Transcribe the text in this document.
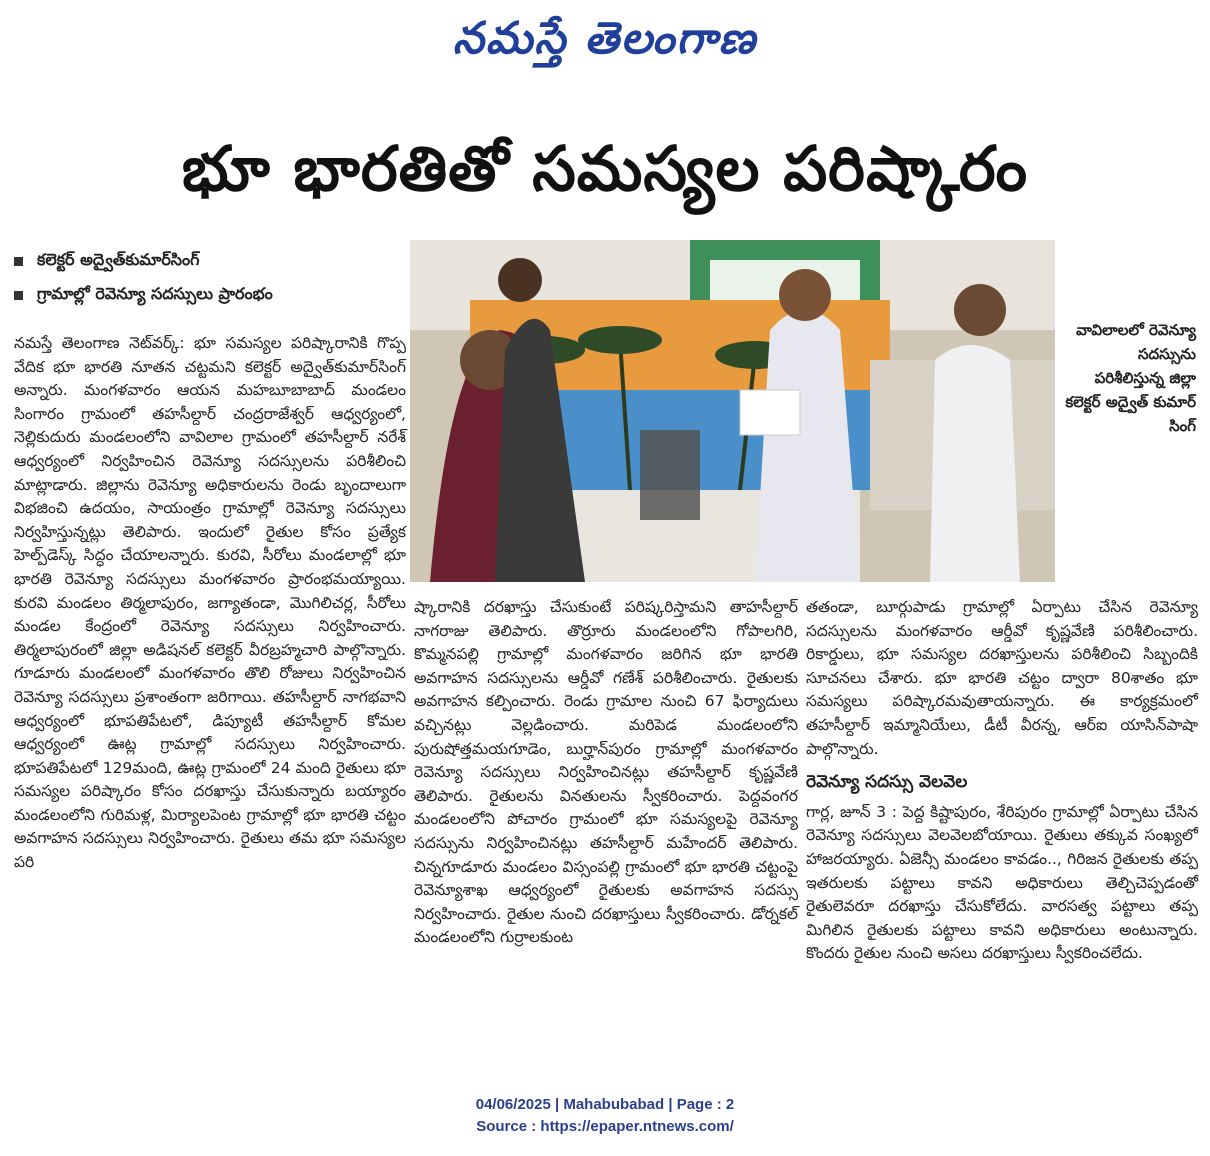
నమస్తే తెలంగాణ
భూ భారతితో సమస్యల పరిష్కారం
కలెక్టర్ అద్వైత్‌కుమార్‌సింగ్
గ్రామాల్లో రెవెన్యూ సదస్సులు ప్రారంభం
నమస్తే తెలంగాణ నెట్‌వర్క్: భూ సమస్యల పరిష్కారానికి గొప్ప వేదిక భూ భారతి నూతన చట్టమని కలెక్టర్ అద్వైత్‌కుమార్‌సింగ్ అన్నారు. మంగళవారం ఆయన మహబూబాబాద్ మండలం సింగారం గ్రామంలో తహసీల్దార్ చంద్రరాజేశ్వర్ ఆధ్వర్యంలో, నెల్లికుదురు మండలంలోని వావిలాల గ్రామంలో తహసీల్దార్ నరేశ్ ఆధ్వర్యంలో నిర్వహించిన రెవెన్యూ సదస్సులను పరిశీలించి మాట్లాడారు. జిల్లాను రెవెన్యూ అధికారులను రెండు బృందాలుగా విభజించి ఉదయం, సాయంత్రం గ్రామాల్లో రెవెన్యూ సదస్సులు నిర్వహిస్తున్నట్లు తెలిపారు. ఇందులో రైతుల కోసం ప్రత్యేక హెల్ప్‌డెస్క్ సిద్ధం చేయాలన్నారు. కురవి, సీరోలు మండలాల్లో భూ భారతి రెవెన్యూ సదస్సులు మంగళవారం ప్రారంభమయ్యాయి. కురవి మండలం తిర్మలాపురం, జగ్యాతండా, మొగిలిచర్ల, సీరోలు మండల కేంద్రంలో రెవెన్యూ సదస్సులు నిర్వహించారు. తిర్మలాపురంలో జిల్లా అడిషనల్ కలెక్టర్ వీరబ్రహ్మచారి పాల్గొన్నారు. గూడూరు మండలంలో మంగళవారం తొలి రోజులు నిర్వహించిన రెవెన్యూ సదస్సులు ప్రశాంతంగా జరిగాయి. తహసీల్దార్ నాగభవాని ఆధ్వర్యంలో భూపతిపేటలో, డిప్యూటీ తహసీల్దార్ కోమల ఆధ్వర్యంలో ఊట్ల గ్రామాల్లో సదస్సులు నిర్వహించారు. భూపతిపేటలో 129మంది, ఊట్ల గ్రామంలో 24 మంది రైతులు భూ సమస్యల పరిష్కారం కోసం దరఖాస్తు చేసుకున్నారు బయ్యారం మండలంలోని గురిమళ్ల, మిర్యాలపెంట గ్రామాల్లో భూ భారతి చట్టం అవగాహన సదస్సులు నిర్వహించారు. రైతులు తమ భూ సమస్యల పరి
వావిలాలలో రెవెన్యూ సదస్సును పరిశీలిస్తున్న జిల్లా కలెక్టర్ అద్వైత్ కుమార్ సింగ్
ష్కారానికి దరఖాస్తు చేసుకుంటే పరిష్కరిస్తామని తాహసీల్దార్ నాగరాజు తెలిపారు. తొర్రూరు మండలంలోని గోపాలగిరి, కొమ్మనపల్లి గ్రామాల్లో మంగళవారం జరిగిన భూ భారతి అవగాహన సదస్సులను ఆర్డీవో గణేశ్ పరిశీలించారు. రైతులకు అవగాహన కల్పించారు. రెండు గ్రామాల నుంచి 67 ఫిర్యాదులు వచ్చినట్లు వెల్లడించారు. మరిపెడ మండలంలోని పురుషోత్తమయగూడెం, బుర్హాన్‌పురం గ్రామాల్లో మంగళవారం రెవెన్యూ సదస్సులు నిర్వహించినట్లు తహసీల్దార్ కృష్ణవేణి తెలిపారు. రైతులను వినతులను స్వీకరించారు. పెద్దవంగర మండలంలోని పోచారం గ్రామంలో భూ సమస్యలపై రెవెన్యూ సదస్సును నిర్వహించినట్లు తహసీల్దార్ మహేందర్ తెలిపారు. చిన్నగూడూరు మండలం విస్సంపల్లి గ్రామంలో భూ భారతి చట్టంపై రెవెన్యూశాఖ ఆధ్వర్యంలో రైతులకు అవగాహన సదస్సు నిర్వహించారు. రైతుల నుంచి దరఖాస్తులు స్వీకరించారు. డోర్నకల్ మండలంలోని గుర్రాలకుంట
తతండా, బూర్గుపాడు గ్రామాల్లో ఏర్పాటు చేసిన రెవెన్యూ సదస్సులను మంగళవారం ఆర్డీవో కృష్ణవేణి పరిశీలించారు. రికార్డులు, భూ సమస్యల దరఖాస్తులను పరిశీలించి సిబ్బందికి సూచనలు చేశారు. భూ భారతి చట్టం ద్వారా 80శాతం భూ సమస్యలు పరిష్కారమవుతాయన్నారు. ఈ కార్యక్రమంలో తహసీల్దార్ ఇమ్మానియేలు, డీటీ వీరన్న, ఆర్ఐ యాసిన్‌పాషా పాల్గొన్నారు.
రెవెన్యూ సదస్సు వెలవెల
గార్ల, జూన్ 3 : పెద్ద కిష్టాపురం, శేరిపురం గ్రామాల్లో ఏర్పాటు చేసిన రెవెన్యూ సదస్సులు వెలవెలబోయాయి. రైతులు తక్కువ సంఖ్యలో హాజరయ్యారు. ఏజెన్సీ మండలం కావడం.., గిరిజన రైతులకు తప్ప ఇతరులకు పట్టాలు కావని అధికారులు తెల్చిచెప్పడంతో రైతులెవరూ దరఖాస్తు చేసుకోలేదు. వారసత్వ పట్టాలు తప్ప మిగిలిన రైతులకు పట్టాలు కావని అధికారులు అంటున్నారు. కొందరు రైతుల నుంచి అసలు దరఖాస్తులు స్వీకరించలేదు.
04/06/2025 | Mahabubabad | Page : 2
Source : https://epaper.ntnews.com/
